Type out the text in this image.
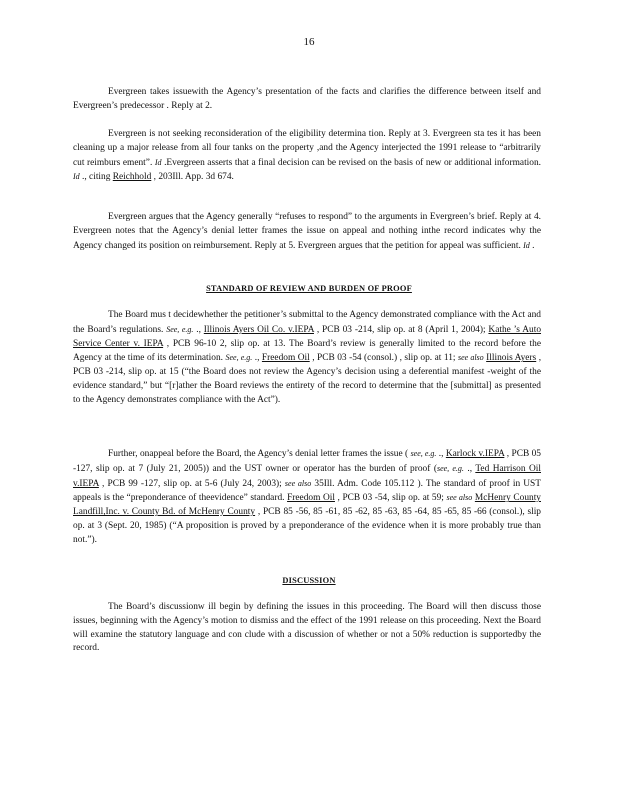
16

Evergreen takes issuewith the Agency’s presentation of the facts and clarifies the difference between itself and Evergreen’s predecessor . Reply at 2.

Evergreen is not seeking reconsideration of the eligibility determina tion. Reply at 3. Evergreen sta tes it has been cleaning up a major release from all four tanks on the property ,and the Agency interjected the 1991 release to “arbitrarily cut reimburs ement”. Id .Evergreen asserts that a final decision can be revised on the basis of new or additional information. Id ., citing Reichhold , 203Ill. App. 3d 674.

Evergreen argues that the Agency generally “refuses to respond” to the arguments in Evergreen’s brief. Reply at 4. Evergreen notes that the Agency’s denial letter frames the issue on appeal and nothing inthe record indicates why the Agency changed its position on reimbursement. Reply at 5. Evergreen argues that the petition for appeal was sufficient. Id .

STANDARD OF REVIEW AND BURDEN OF PROOF

The Board mus t decidewhether the petitioner’s submittal to the Agency demonstrated compliance with the Act and the Board’s regulations. See, e.g. ., Illinois Ayers Oil Co. v.IEPA , PCB 03 -214, slip op. at 8 (April 1, 2004); Kathe ’s Auto Service Center v. IEPA , PCB 96-10 2, slip op. at 13. The Board’s review is generally limited to the record before the Agency at the time of its determination. See, e.g. ., Freedom Oil , PCB 03 -54 (consol.) , slip op. at 11; see also Illinois Ayers , PCB 03 -214, slip op. at 15 (“the Board does not review the Agency’s decision using a deferential manifest -weight of the evidence standard,” but “[r]ather the Board reviews the entirety of the record to determine that the [submittal] as presented to the Agency demonstrates compliance with the Act”).

Further, onappeal before the Board, the Agency’s denial letter frames the issue ( see, e.g. ., Karlock v.IEPA , PCB 05 -127, slip op. at 7 (July 21, 2005)) and the UST owner or operator has the burden of proof (see, e.g. ., Ted Harrison Oil v.IEPA , PCB 99 -127, slip op. at 5-6 (July 24, 2003); see also 35Ill. Adm. Code 105.112 ). The standard of proof in UST appeals is the “preponderance of theevidence” standard. Freedom Oil , PCB 03 -54, slip op. at 59; see also McHenry County Landfill,Inc. v. County Bd. of McHenry County , PCB 85 -56, 85 -61, 85 -62, 85 -63, 85 -64, 85 -65, 85 -66 (consol.), slip op. at 3 (Sept. 20, 1985) (“A proposition is proved by a preponderance of the evidence when it is more probably true than not.”).

DISCUSSION

The Board’s discussionw ill begin by defining the issues in this proceeding. The Board will then discuss those issues, beginning with the Agency’s motion to dismiss and the effect of the 1991 release on this proceeding. Next the Board will examine the statutory language and con clude with a discussion of whether or not a 50% reduction is supportedby the record.
